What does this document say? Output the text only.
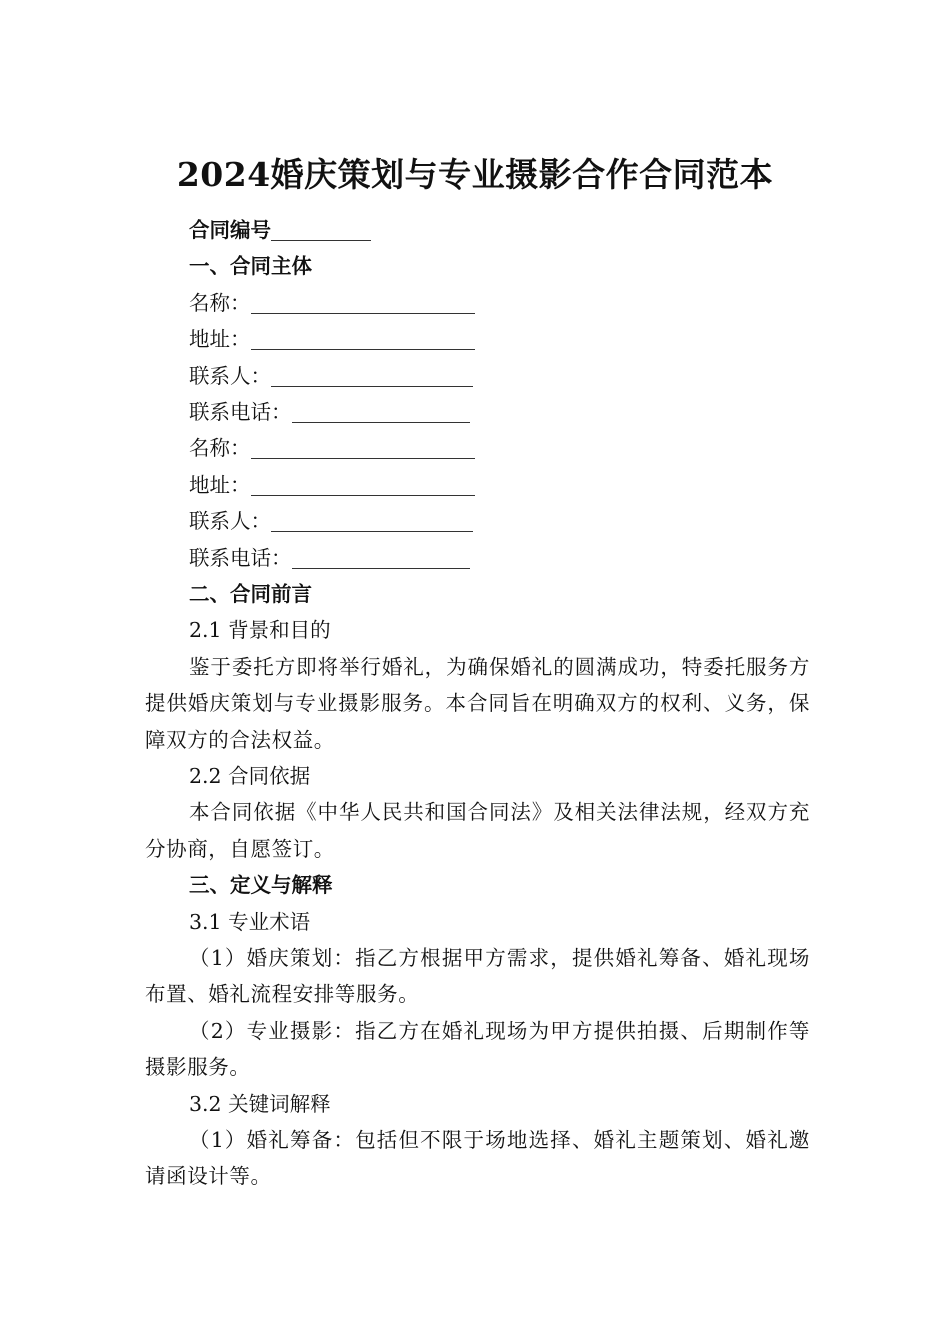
2024婚庆策划与专业摄影合作合同范本
合同编号
一、合同主体
名称：
地址：
联系人：
联系电话：
名称：
地址：
联系人：
联系电话：
二、合同前言
2.1 背景和目的
鉴于委托方即将举行婚礼，为确保婚礼的圆满成功，特委托服务方提供婚庆策划与专业摄影服务。本合同旨在明确双方的权利、义务，保障双方的合法权益。
2.2 合同依据
本合同依据《中华人民共和国合同法》及相关法律法规，经双方充分协商，自愿签订。
三、定义与解释
3.1 专业术语
（1）婚庆策划：指乙方根据甲方需求，提供婚礼筹备、婚礼现场布置、婚礼流程安排等服务。
（2）专业摄影：指乙方在婚礼现场为甲方提供拍摄、后期制作等摄影服务。
3.2 关键词解释
（1）婚礼筹备：包括但不限于场地选择、婚礼主题策划、婚礼邀请函设计等。
